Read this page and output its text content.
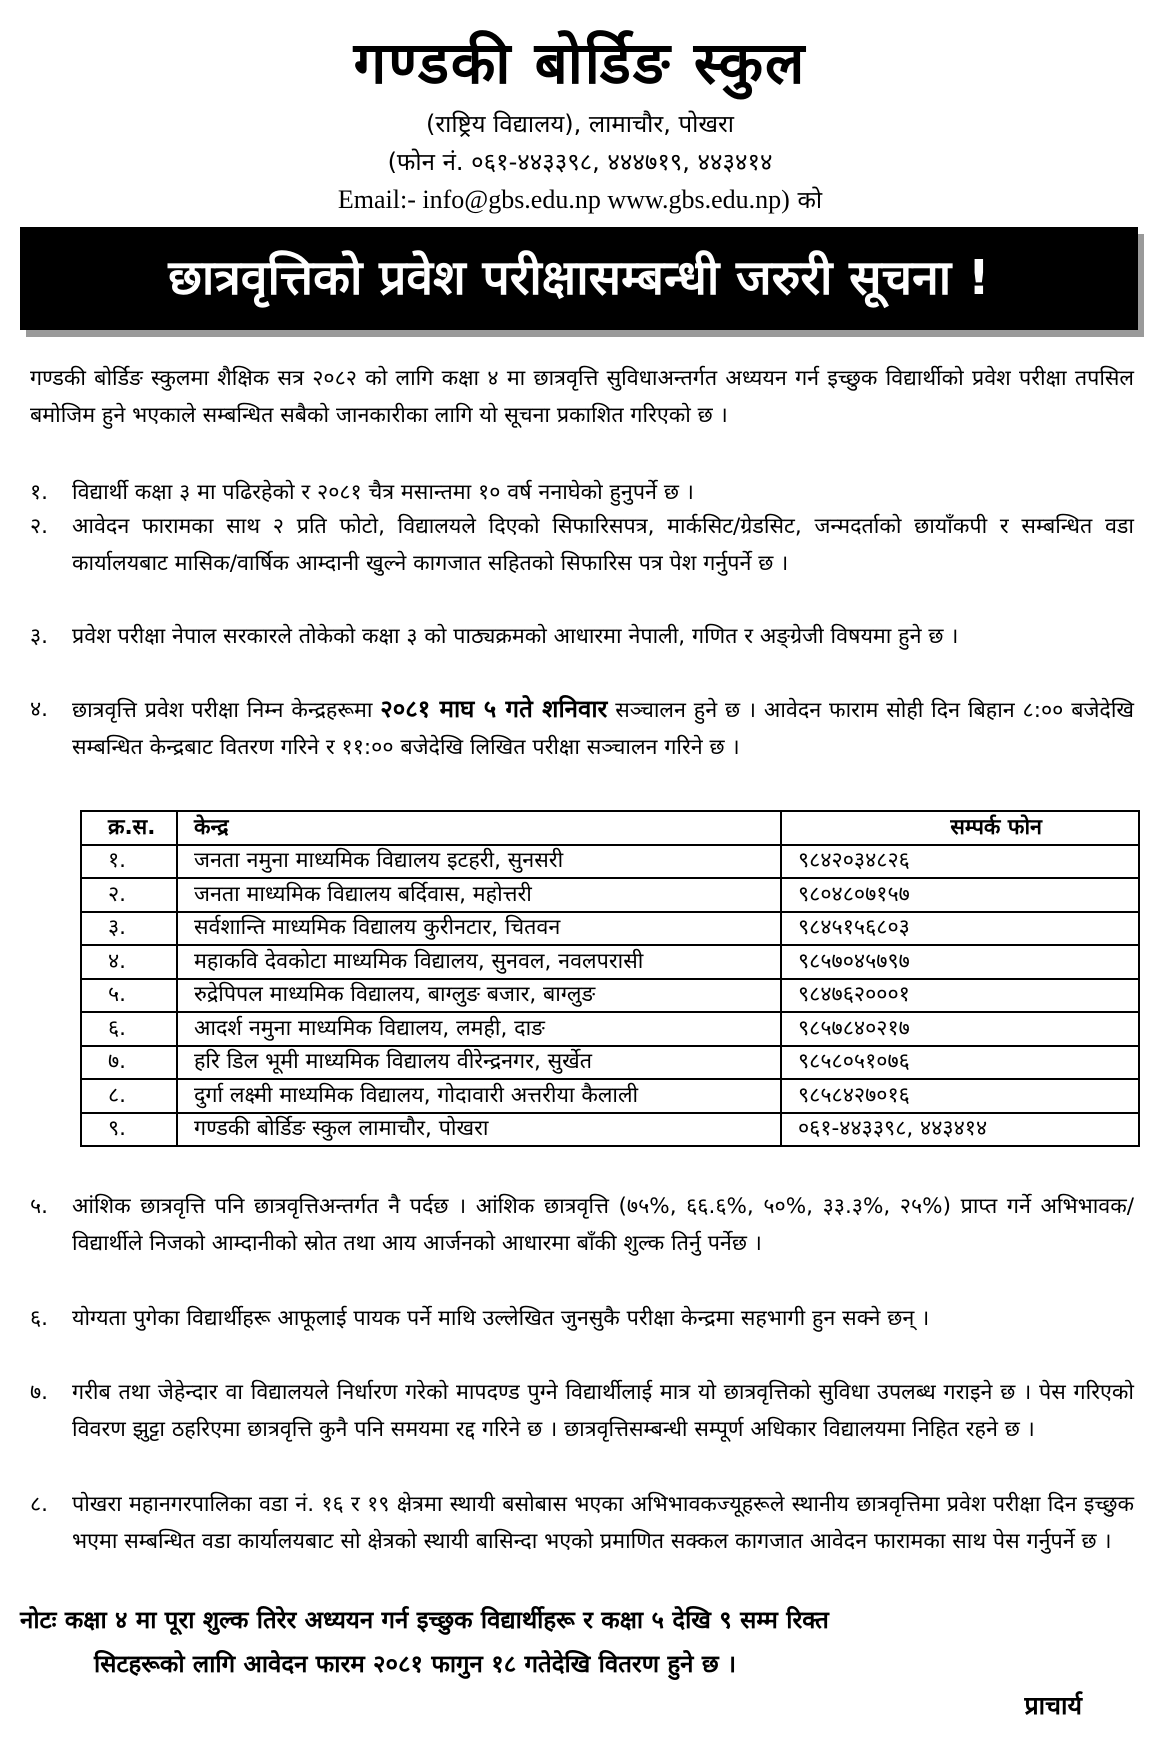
गण्डकी बोर्डिङ स्कुल
(राष्ट्रिय विद्यालय), लामाचौर, पोखरा
(फोन नं. ०६१-४४३३९८, ४४४७१९, ४४३४१४
Email:- info@gbs.edu.np www.gbs.edu.np) को
छात्रवृत्तिको प्रवेश परीक्षासम्बन्धी जरुरी सूचना !
गण्डकी बोर्डिङ स्कुलमा शैक्षिक सत्र २०८२ को लागि कक्षा ४ मा छात्रवृत्ति सुविधाअन्तर्गत अध्ययन गर्न इच्छुक विद्यार्थीको प्रवेश परीक्षा तपसिल बमोजिम हुने भएकाले सम्बन्धित सबैको जानकारीका लागि यो सूचना प्रकाशित गरिएको छ ।
१.	विद्यार्थी कक्षा ३ मा पढिरहेको र २०८१ चैत्र मसान्तमा १० वर्ष ननाघेको हुनुपर्ने छ ।
२.	आवेदन फारामका साथ २ प्रति फोटो, विद्यालयले दिएको सिफारिसपत्र, मार्कसिट/ग्रेडसिट, जन्मदर्ताको छायाँकपी र सम्बन्धित वडा कार्यालयबाट मासिक/वार्षिक आम्दानी खुल्ने कागजात सहितको सिफारिस पत्र पेश गर्नुपर्ने छ ।
३.	प्रवेश परीक्षा नेपाल सरकारले तोकेको कक्षा ३ को पाठ्यक्रमको आधारमा नेपाली, गणित र अङ्ग्रेजी विषयमा हुने छ ।
४.	छात्रवृत्ति प्रवेश परीक्षा निम्न केन्द्रहरूमा २०८१ माघ ५ गते शनिवार सञ्चालन हुने छ । आवेदन फाराम सोही दिन बिहान ८:०० बजेदेखि सम्बन्धित केन्द्रबाट वितरण गरिने र ११:०० बजेदेखि लिखित परीक्षा सञ्चालन गरिने छ ।
क्र.स.	केन्द्र	सम्पर्क फोन
१.	जनता नमुना माध्यमिक विद्यालय इटहरी, सुनसरी	९८४२०३४८२६
२.	जनता माध्यमिक विद्यालय बर्दिवास, महोत्तरी	९८०४८०७१५७
३.	सर्वशान्ति माध्यमिक विद्यालय कुरीनटार, चितवन	९८४५१५६८०३
४.	महाकवि देवकोटा माध्यमिक विद्यालय, सुनवल, नवलपरासी	९८५७०४५७९७
५.	रुद्रेपिपल माध्यमिक विद्यालय, बाग्लुङ बजार, बाग्लुङ	९८४७६२०००१
६.	आदर्श नमुना माध्यमिक विद्यालय, लमही, दाङ	९८५७८४०२१७
७.	हरि डिल भूमी माध्यमिक विद्यालय वीरेन्द्रनगर, सुर्खेत	९८५८०५१०७६
८.	दुर्गा लक्ष्मी माध्यमिक विद्यालय, गोदावारी अत्तरीया कैलाली	९८५८४२७०१६
९.	गण्डकी बोर्डिङ स्कुल लामाचौर, पोखरा	०६१-४४३३९८, ४४३४१४
५.	आंशिक छात्रवृत्ति पनि छात्रवृत्तिअन्तर्गत नै पर्दछ । आंशिक छात्रवृत्ति (७५%, ६६.६%, ५०%, ३३.३%, २५%) प्राप्त गर्ने अभिभावक/विद्यार्थीले निजको आम्दानीको स्रोत तथा आय आर्जनको आधारमा बाँकी शुल्क तिर्नु पर्नेछ ।
६.	योग्यता पुगेका विद्यार्थीहरू आफूलाई पायक पर्ने माथि उल्लेखित जुनसुकै परीक्षा केन्द्रमा सहभागी हुन सक्ने छन् ।
७.	गरीब तथा जेहेन्दार वा विद्यालयले निर्धारण गरेको मापदण्ड पुग्ने विद्यार्थीलाई मात्र यो छात्रवृत्तिको सुविधा उपलब्ध गराइने छ । पेस गरिएको विवरण झुट्टा ठहरिएमा छात्रवृत्ति कुनै पनि समयमा रद्द गरिने छ । छात्रवृत्तिसम्बन्धी सम्पूर्ण अधिकार विद्यालयमा निहित रहने छ ।
८.	पोखरा महानगरपालिका वडा नं. १६ र १९ क्षेत्रमा स्थायी बसोबास भएका अभिभावकज्यूहरूले स्थानीय छात्रवृत्तिमा प्रवेश परीक्षा दिन इच्छुक भएमा सम्बन्धित वडा कार्यालयबाट सो क्षेत्रको स्थायी बासिन्दा भएको प्रमाणित सक्कल कागजात आवेदन फारामका साथ पेस गर्नुपर्ने छ ।
नोटः कक्षा ४ मा पूरा शुल्क तिरेर अध्ययन गर्न इच्छुक विद्यार्थीहरू र कक्षा ५ देखि ९ सम्म रिक्त
सिटहरूको लागि आवेदन फारम २०८१ फागुन १८ गतेदेखि वितरण हुने छ ।
प्राचार्य
